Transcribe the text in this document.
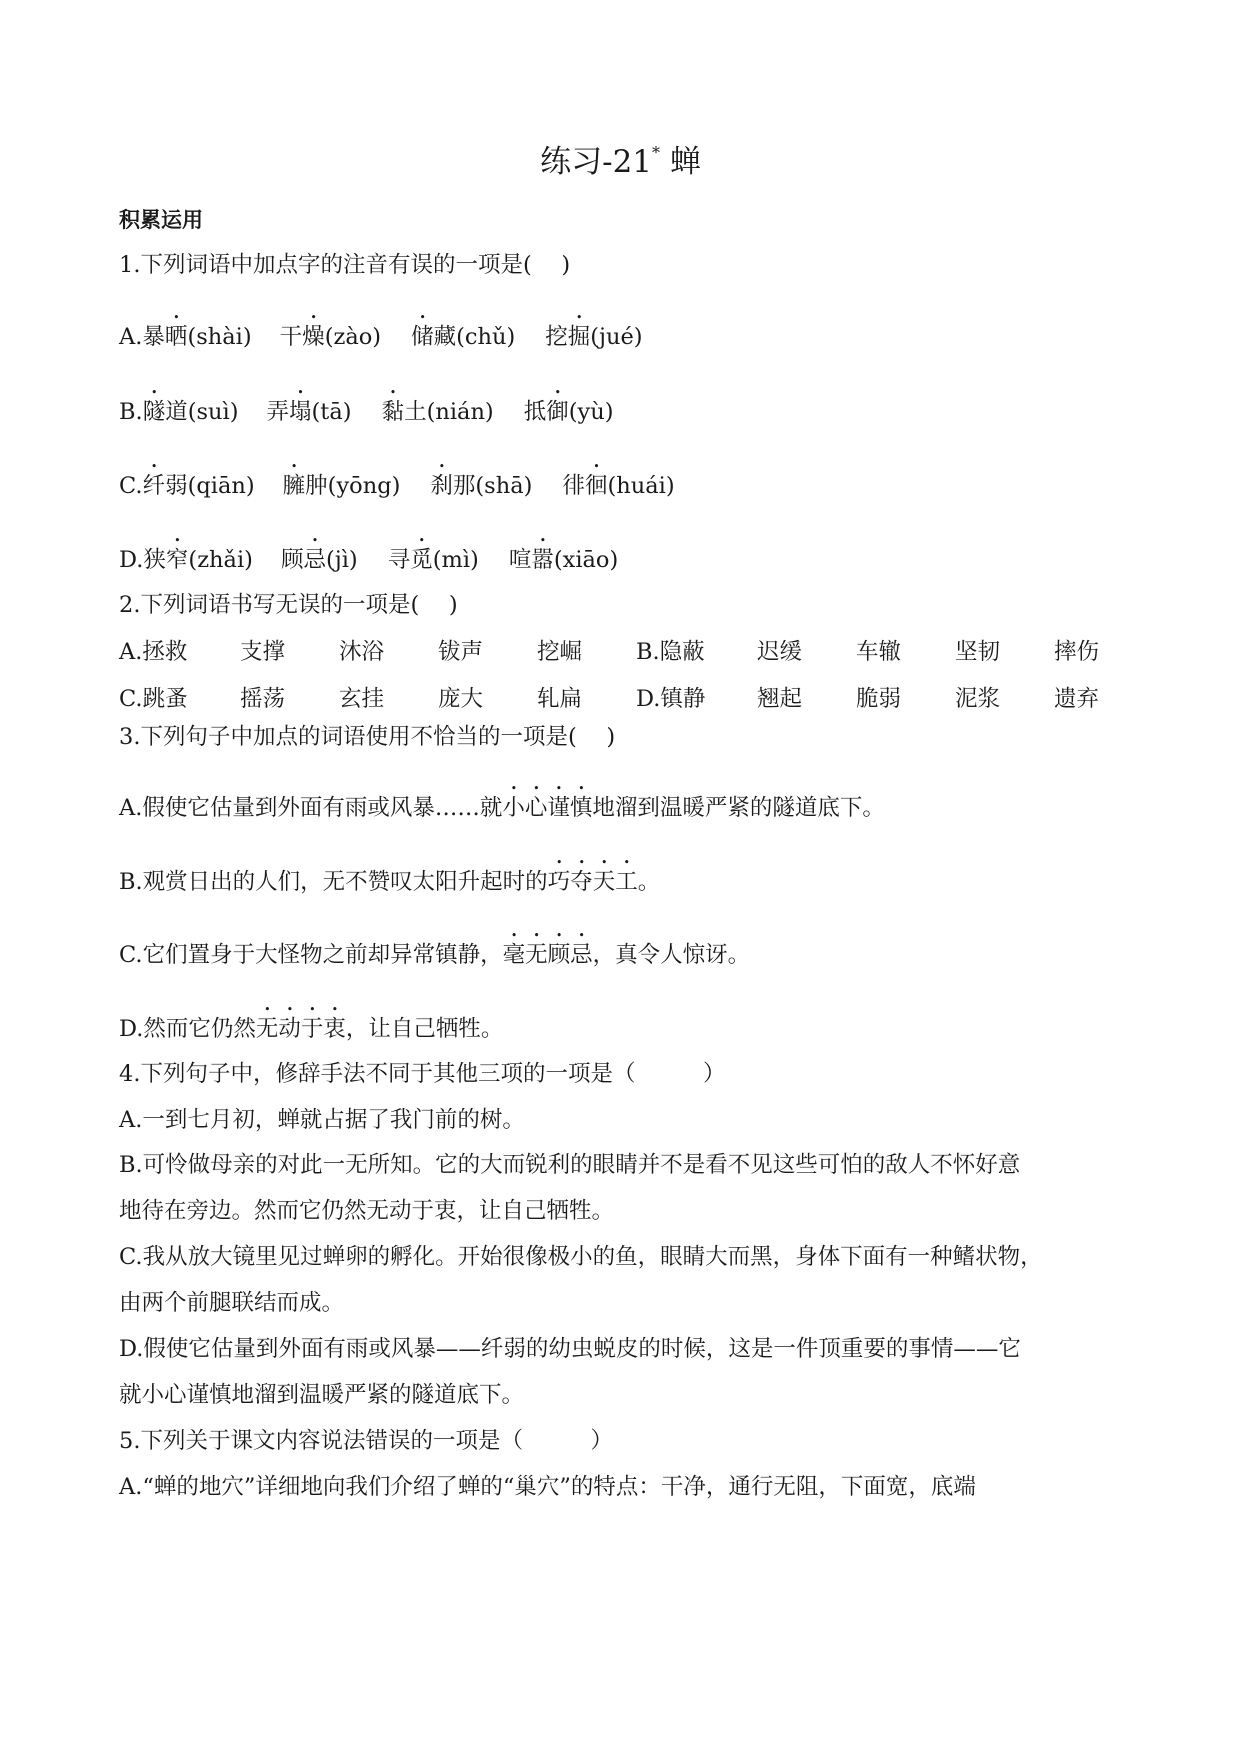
练习-21* 蝉
积累运用
1.下列词语中加点字的注音有误的一项是(　 )
A.暴晒(shài) 干燥(zào) 储藏(chǔ) 挖掘(jué)
B.隧道(suì) 弄塌(tā) 黏土(nián) 抵御(yù)
C.纤弱(qiān) 臃肿(yōng) 刹那(shā) 徘徊(huái)
D.狭窄(zhǎi) 顾忌(jì) 寻觅(mì) 喧嚣(xiāo)
2.下列词语书写无误的一项是(　 )
A.拯救 支撑 沐浴 钹声 挖崛 B.隐蔽 迟缓 车辙 坚韧 摔伤
C.跳蚤 摇荡 玄挂 庞大 轧扁 D.镇静 翘起 脆弱 泥浆 遗弃
3.下列句子中加点的词语使用不恰当的一项是(　 )
A.假使它估量到外面有雨或风暴……就小心谨慎地溜到温暖严紧的隧道底下。
B.观赏日出的人们，无不赞叹太阳升起时的巧夺天工。
C.它们置身于大怪物之前却异常镇静，毫无顾忌，真令人惊讶。
D.然而它仍然无动于衷，让自己牺牲。
4.下列句子中，修辞手法不同于其他三项的一项是（　　　）
A.一到七月初，蝉就占据了我门前的树。
B.可怜做母亲的对此一无所知。它的大而锐利的眼睛并不是看不见这些可怕的敌人不怀好意
地待在旁边。然而它仍然无动于衷，让自己牺牲。
C.我从放大镜里见过蝉卵的孵化。开始很像极小的鱼，眼睛大而黑，身体下面有一种鳍状物，
由两个前腿联结而成。
D.假使它估量到外面有雨或风暴——纤弱的幼虫蜕皮的时候，这是一件顶重要的事情——它
就小心谨慎地溜到温暖严紧的隧道底下。
5.下列关于课文内容说法错误的一项是（　　　）
A.“蝉的地穴”详细地向我们介绍了蝉的“巢穴”的特点：干净，通行无阻，下面宽，底端
